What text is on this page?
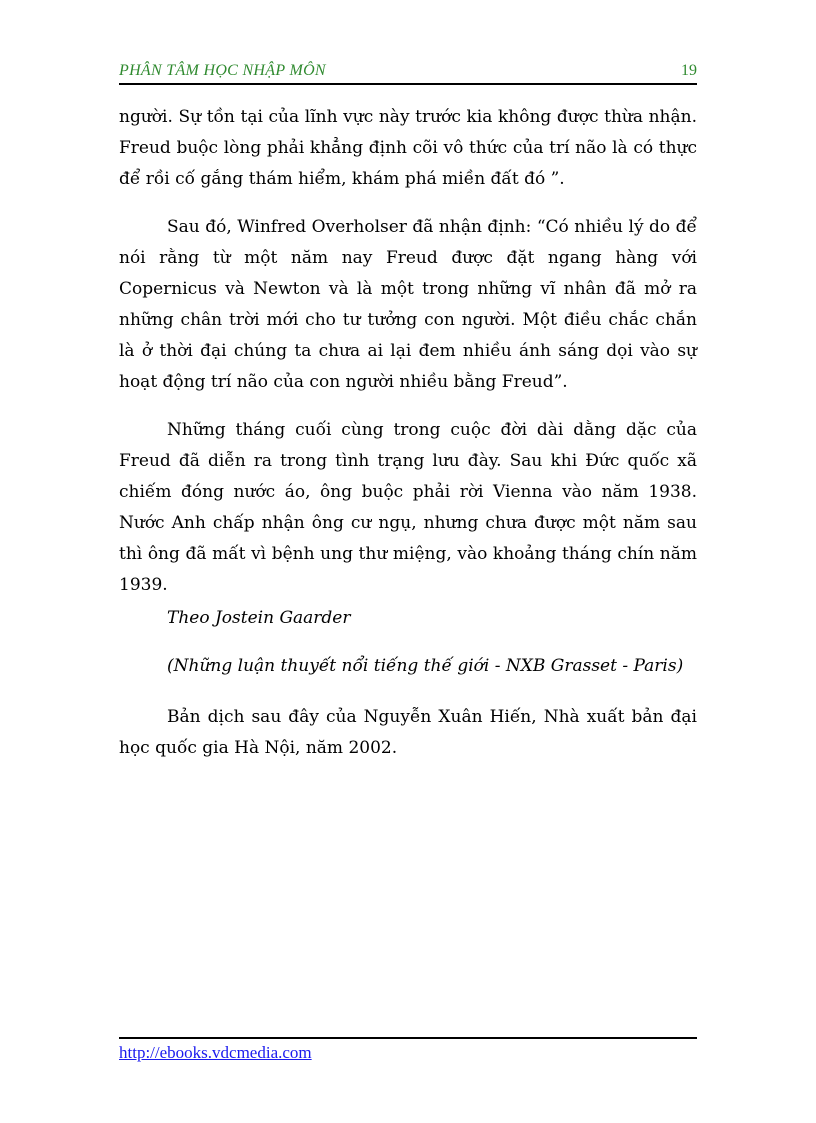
PHÂN TÂM HỌC NHẬP MÔN	19

người. Sự tồn tại của lĩnh vực này trước kia không được thừa nhận. Freud buộc lòng phải khẳng định cõi vô thức của trí não là có thực để rồi cố gắng thám hiểm, khám phá miền đất đó ”.

Sau đó, Winfred Overholser đã nhận định: “Có nhiều lý do để nói rằng từ một năm nay Freud được đặt ngang hàng với Copernicus và Newton và là một trong những vĩ nhân đã mở ra những chân trời mới cho tư tưởng con người. Một điều chắc chắn là ở thời đại chúng ta chưa ai lại đem nhiều ánh sáng dọi vào sự hoạt động trí não của con người nhiều bằng Freud”.

Những tháng cuối cùng trong cuộc đời dài dằng dặc của Freud đã diễn ra trong tình trạng lưu đày. Sau khi Đức quốc xã chiếm đóng nước áo, ông buộc phải rời Vienna vào năm 1938. Nước Anh chấp nhận ông cư ngụ, nhưng chưa được một năm sau thì ông đã mất vì bệnh ung thư miệng, vào khoảng tháng chín năm 1939.

Theo Jostein Gaarder
(Những luận thuyết nổi tiếng thế giới - NXB Grasset - Paris)
Bản dịch sau đây của Nguyễn Xuân Hiến, Nhà xuất bản đại học quốc gia Hà Nội, năm 2002.
http://ebooks.vdcmedia.com
